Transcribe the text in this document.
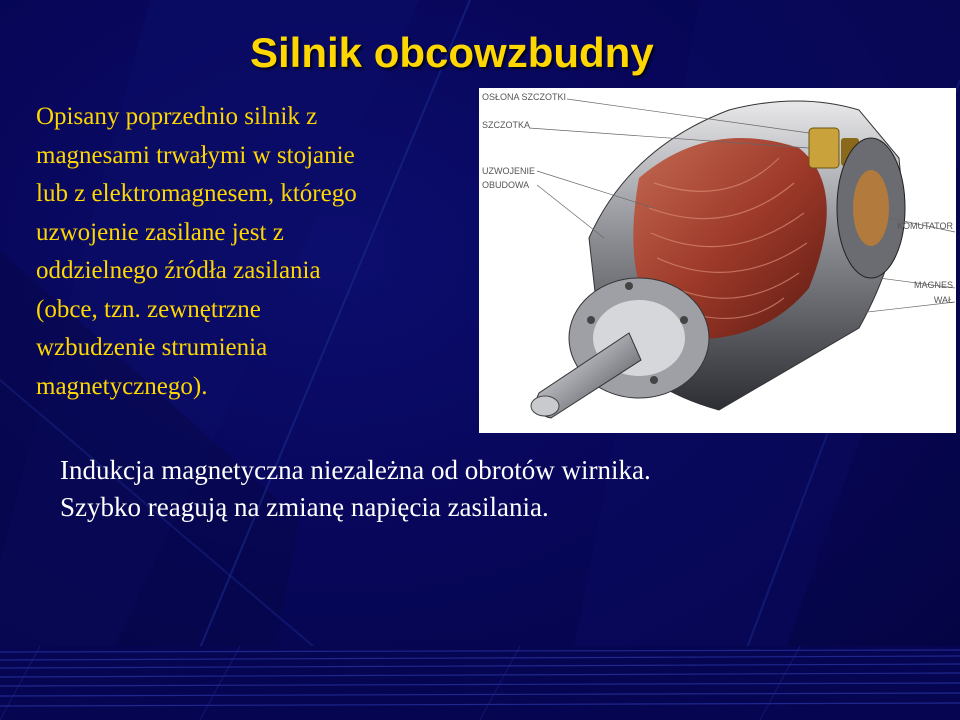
Silnik obcowzbudny
Opisany poprzednio silnik z
magnesami trwałymi w stojanie
lub z elektromagnesem, którego
uzwojenie zasilane jest z
oddzielnego źródła zasilania
(obce, tzn. zewnętrzne
wzbudzenie strumienia
magnetycznego).
OSŁONA SZCZOTKI
SZCZOTKA
UZWOJENIE
OBUDOWA
KOMUTATOR
MAGNES
WAŁ
Indukcja magnetyczna niezależna od obrotów wirnika.
Szybko reagują na zmianę napięcia zasilania.
